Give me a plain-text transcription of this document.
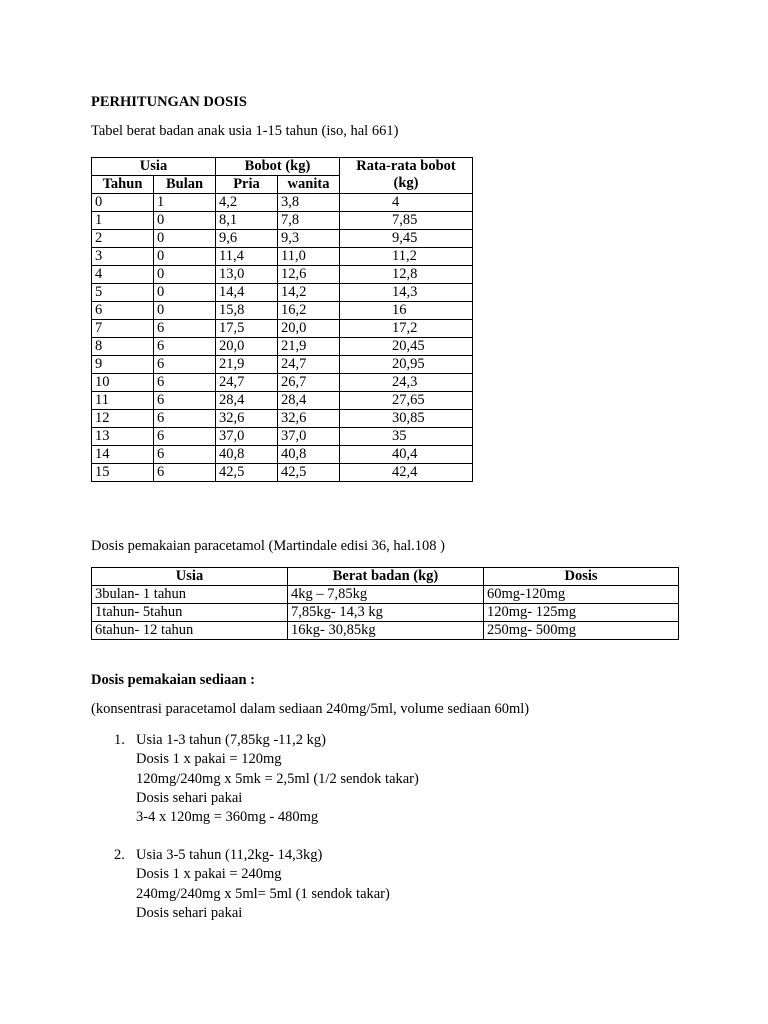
PERHITUNGAN DOSIS
Tabel berat badan anak usia 1-15 tahun (iso, hal 661)
Usia		Bobot (kg)		Rata-rata bobot
(kg)
Tahun	Bulan	Pria	wanita	
0	1	4,2	3,8	4
1	0	8,1	7,8	7,85
2	0	9,6	9,3	9,45
3	0	11,4	11,0	11,2
4	0	13,0	12,6	12,8
5	0	14,4	14,2	14,3
6	0	15,8	16,2	16
7	6	17,5	20,0	17,2
8	6	20,0	21,9	20,45
9	6	21,9	24,7	20,95
10	6	24,7	26,7	24,3
11	6	28,4	28,4	27,65
12	6	32,6	32,6	30,85
13	6	37,0	37,0	35
14	6	40,8	40,8	40,4
15	6	42,5	42,5	42,4
Dosis pemakaian paracetamol (Martindale edisi 36, hal.108 )
Usia	Berat badan (kg)	Dosis
3bulan- 1 tahun	4kg – 7,85kg	60mg-120mg
1tahun- 5tahun	7,85kg- 14,3 kg	120mg- 125mg
6tahun- 12 tahun	16kg- 30,85kg	250mg- 500mg
Dosis pemakaian sediaan :
(konsentrasi paracetamol dalam sediaan 240mg/5ml, volume sediaan 60ml)
1. Usia 1-3 tahun (7,85kg -11,2 kg)
Dosis 1 x pakai = 120mg
120mg/240mg x 5mk = 2,5ml (1/2 sendok takar)
Dosis sehari pakai
3-4 x 120mg = 360mg - 480mg
2. Usia 3-5 tahun (11,2kg- 14,3kg)
Dosis 1 x pakai = 240mg
240mg/240mg x 5ml= 5ml (1 sendok takar)
Dosis sehari pakai
